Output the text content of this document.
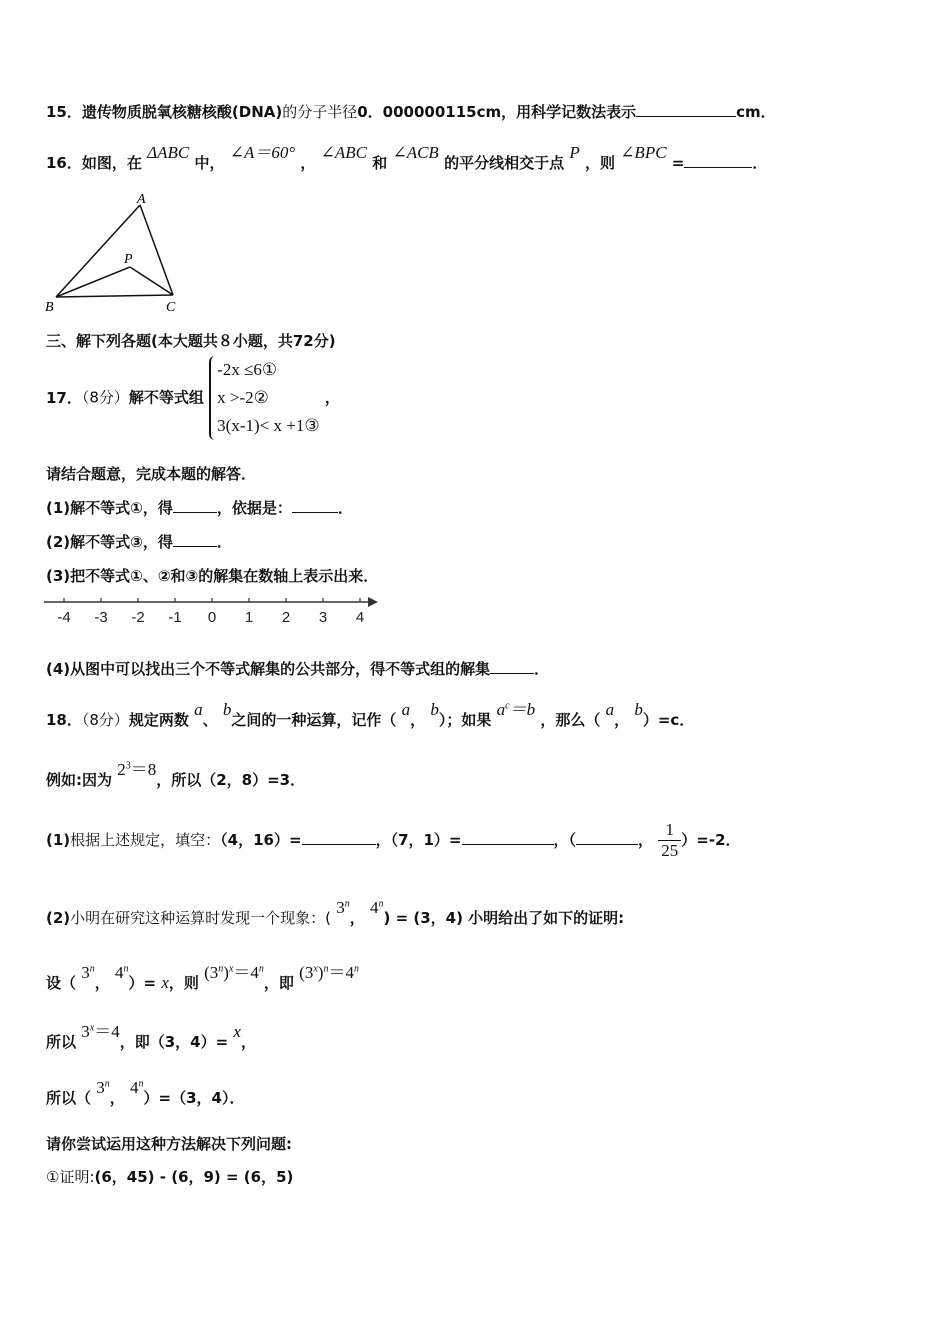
15．遗传物质脱氧核糖核酸(DNA)的分子半径0．000000115cm，用科学记数法表示	cm．
16．如图，在 ΔABC 中， ∠A＝60° ， ∠ABC 和 ∠ACB 的平分线相交于点 P ，则 ∠BPC =	．
A
P
B	C
三、解下列各题(本大题共８小题，共72分)
17．（8分）解不等式组
-2x ≤6①
x >-2②
3(x-1)< x +1③
，
请结合题意，完成本题的解答．
(1)解不等式①，得	，依据是：	．
(2)解不等式③，得	．
(3)把不等式①、②和③的解集在数轴上表示出来．
-4 -3 -2 -1 0 1 2 3 4
(4)从图中可以找出三个不等式解集的公共部分，得不等式组的解集	．
18．（8分）规定两数 a、 b之间的一种运算，记作（ a， b）；如果 $a^c=b$ ，那么（ a， b）=c．
例如:因为 $2^3=8$，所以（2，8）=3．
(1)根据上述规定，填空：（4，16）=	，（7，1）=	，（	， $\frac{1}{25} )=-2$．
(2)小明在研究这种运算时发现一个现象：( 3$^n$， $4^n) = (3$，4) 小明给出了如下的证明:
设（ 3$^n$， $4^n)= x$，则 $(3^n)^x=4^n$，即 $(3^x)^n=4^n$
所以 $3^x=4$，即（3，4）= x，
所以（ 3$^n$， $4^n)=(3$，4）．
请你尝试运用这种方法解决下列问题:
①证明:(6，45) - (6，9) = (6，5)
